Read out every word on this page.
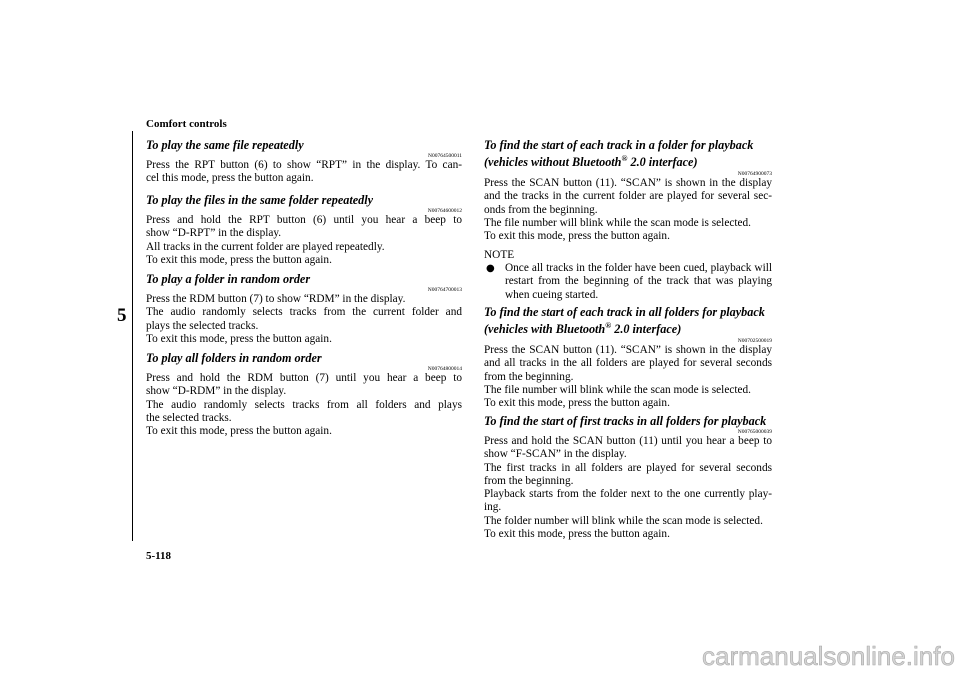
Comfort controls
5
To play the same file repeatedly
N00764500011
Press the RPT button (6) to show “RPT” in the display. To can-
cel this mode, press the button again.
To play the files in the same folder repeatedly
N00764600012
Press and hold the RPT button (6) until you hear a beep to
show “D-RPT” in the display.
All tracks in the current folder are played repeatedly.
To exit this mode, press the button again.
To play a folder in random order
N00764700013
Press the RDM button (7) to show “RDM” in the display.
The audio randomly selects tracks from the current folder and
plays the selected tracks.
To exit this mode, press the button again.
To play all folders in random order
N00764800014
Press and hold the RDM button (7) until you hear a beep to
show “D-RDM” in the display.
The audio randomly selects tracks from all folders and plays
the selected tracks.
To exit this mode, press the button again.
To find the start of each track in a folder for playback
(vehicles without Bluetooth® 2.0 interface)
N00764900073
Press the SCAN button (11). “SCAN” is shown in the display
and the tracks in the current folder are played for several sec-
onds from the beginning.
The file number will blink while the scan mode is selected.
To exit this mode, press the button again.
NOTE
● Once all tracks in the folder have been cued, playback will
restart from the beginning of the track that was playing
when cueing started.
To find the start of each track in all folders for playback
(vehicles with Bluetooth® 2.0 interface)
N00702500019
Press the SCAN button (11). “SCAN” is shown in the display
and all tracks in the all folders are played for several seconds
from the beginning.
The file number will blink while the scan mode is selected.
To exit this mode, press the button again.
To find the start of first tracks in all folders for playback
N00765000039
Press and hold the SCAN button (11) until you hear a beep to
show “F-SCAN” in the display.
The first tracks in all folders are played for several seconds
from the beginning.
Playback starts from the folder next to the one currently play-
ing.
The folder number will blink while the scan mode is selected.
To exit this mode, press the button again.
5-118
carmanualsonline.info
